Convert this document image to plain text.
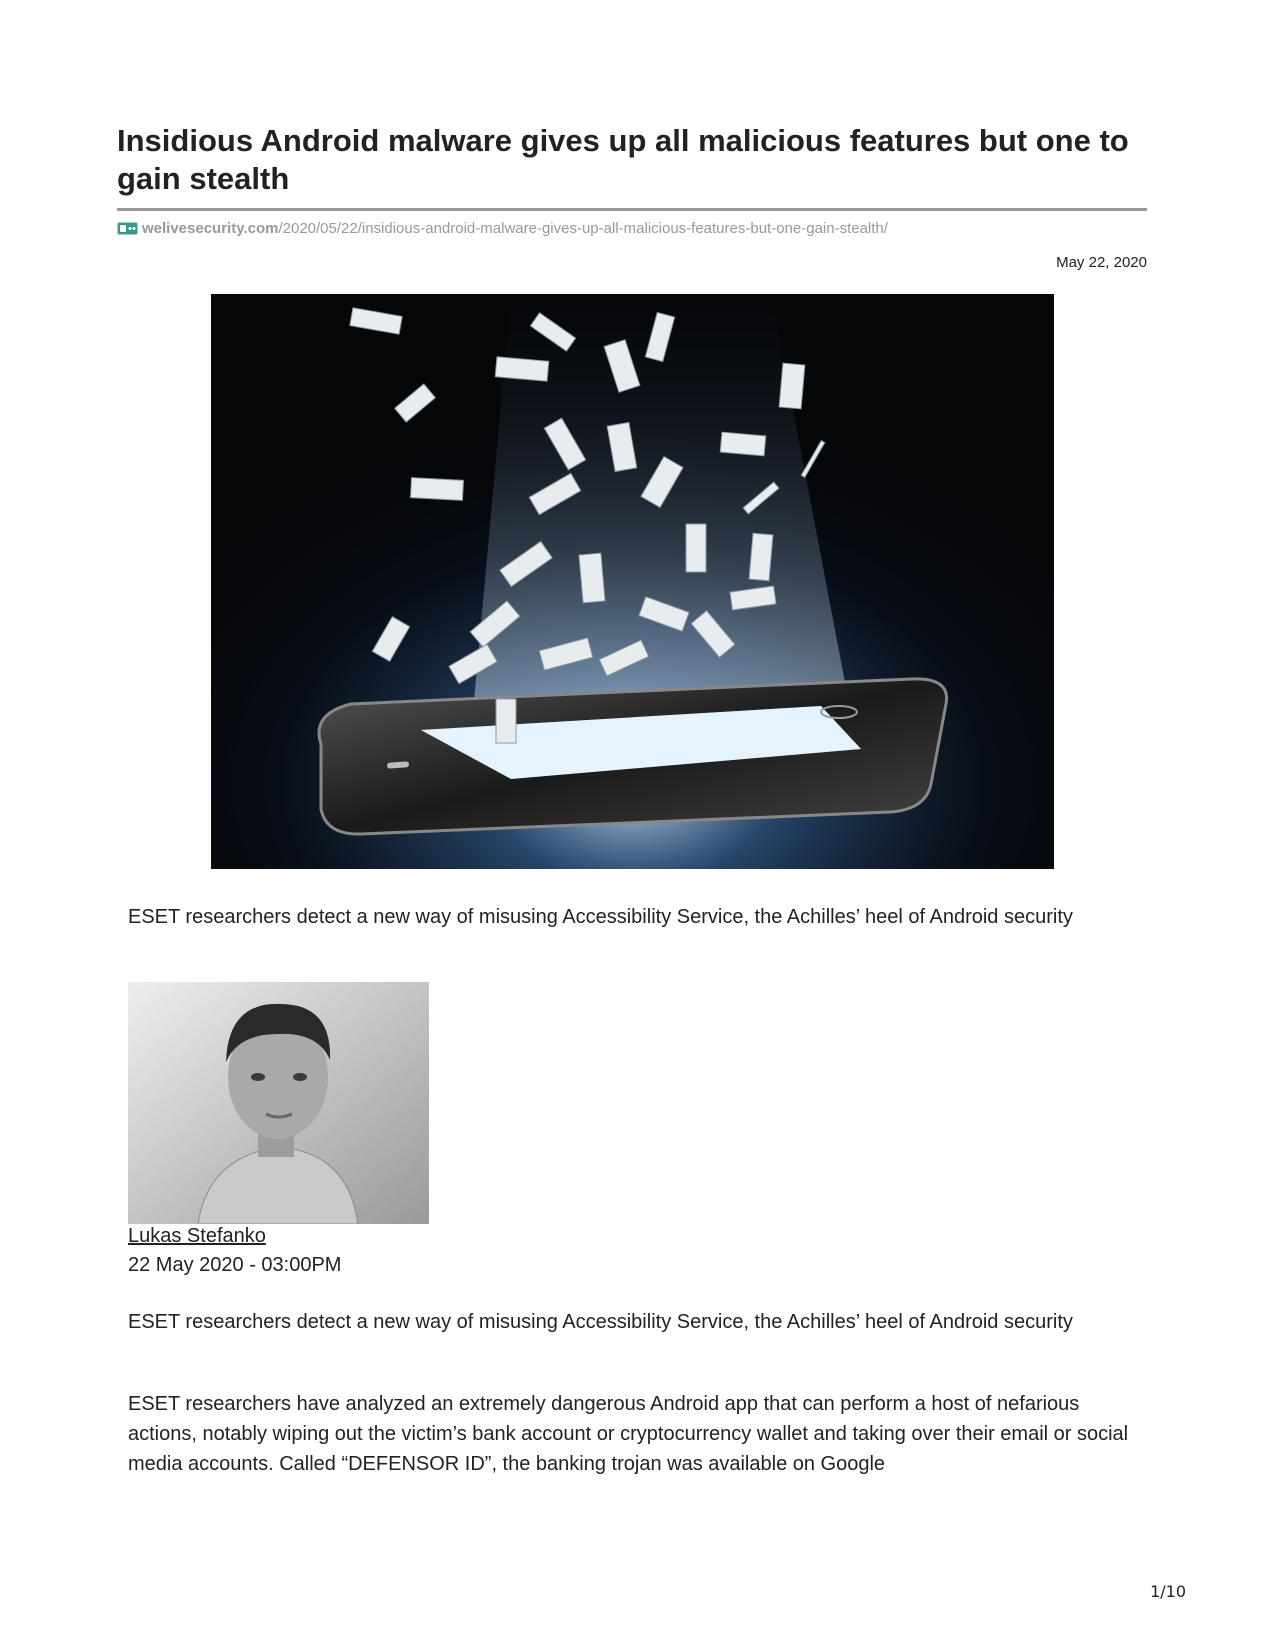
Insidious Android malware gives up all malicious features but one to gain stealth
welivesecurity.com/2020/05/22/insidious-android-malware-gives-up-all-malicious-features-but-one-gain-stealth/
May 22, 2020

ESET researchers detect a new way of misusing Accessibility Service, the Achilles’ heel of Android security

Lukas Stefanko
22 May 2020 - 03:00PM

ESET researchers detect a new way of misusing Accessibility Service, the Achilles’ heel of Android security

ESET researchers have analyzed an extremely dangerous Android app that can perform a host of nefarious actions, notably wiping out the victim’s bank account or cryptocurrency wallet and taking over their email or social media accounts. Called “DEFENSOR ID”, the banking trojan was available on Google

1/10
